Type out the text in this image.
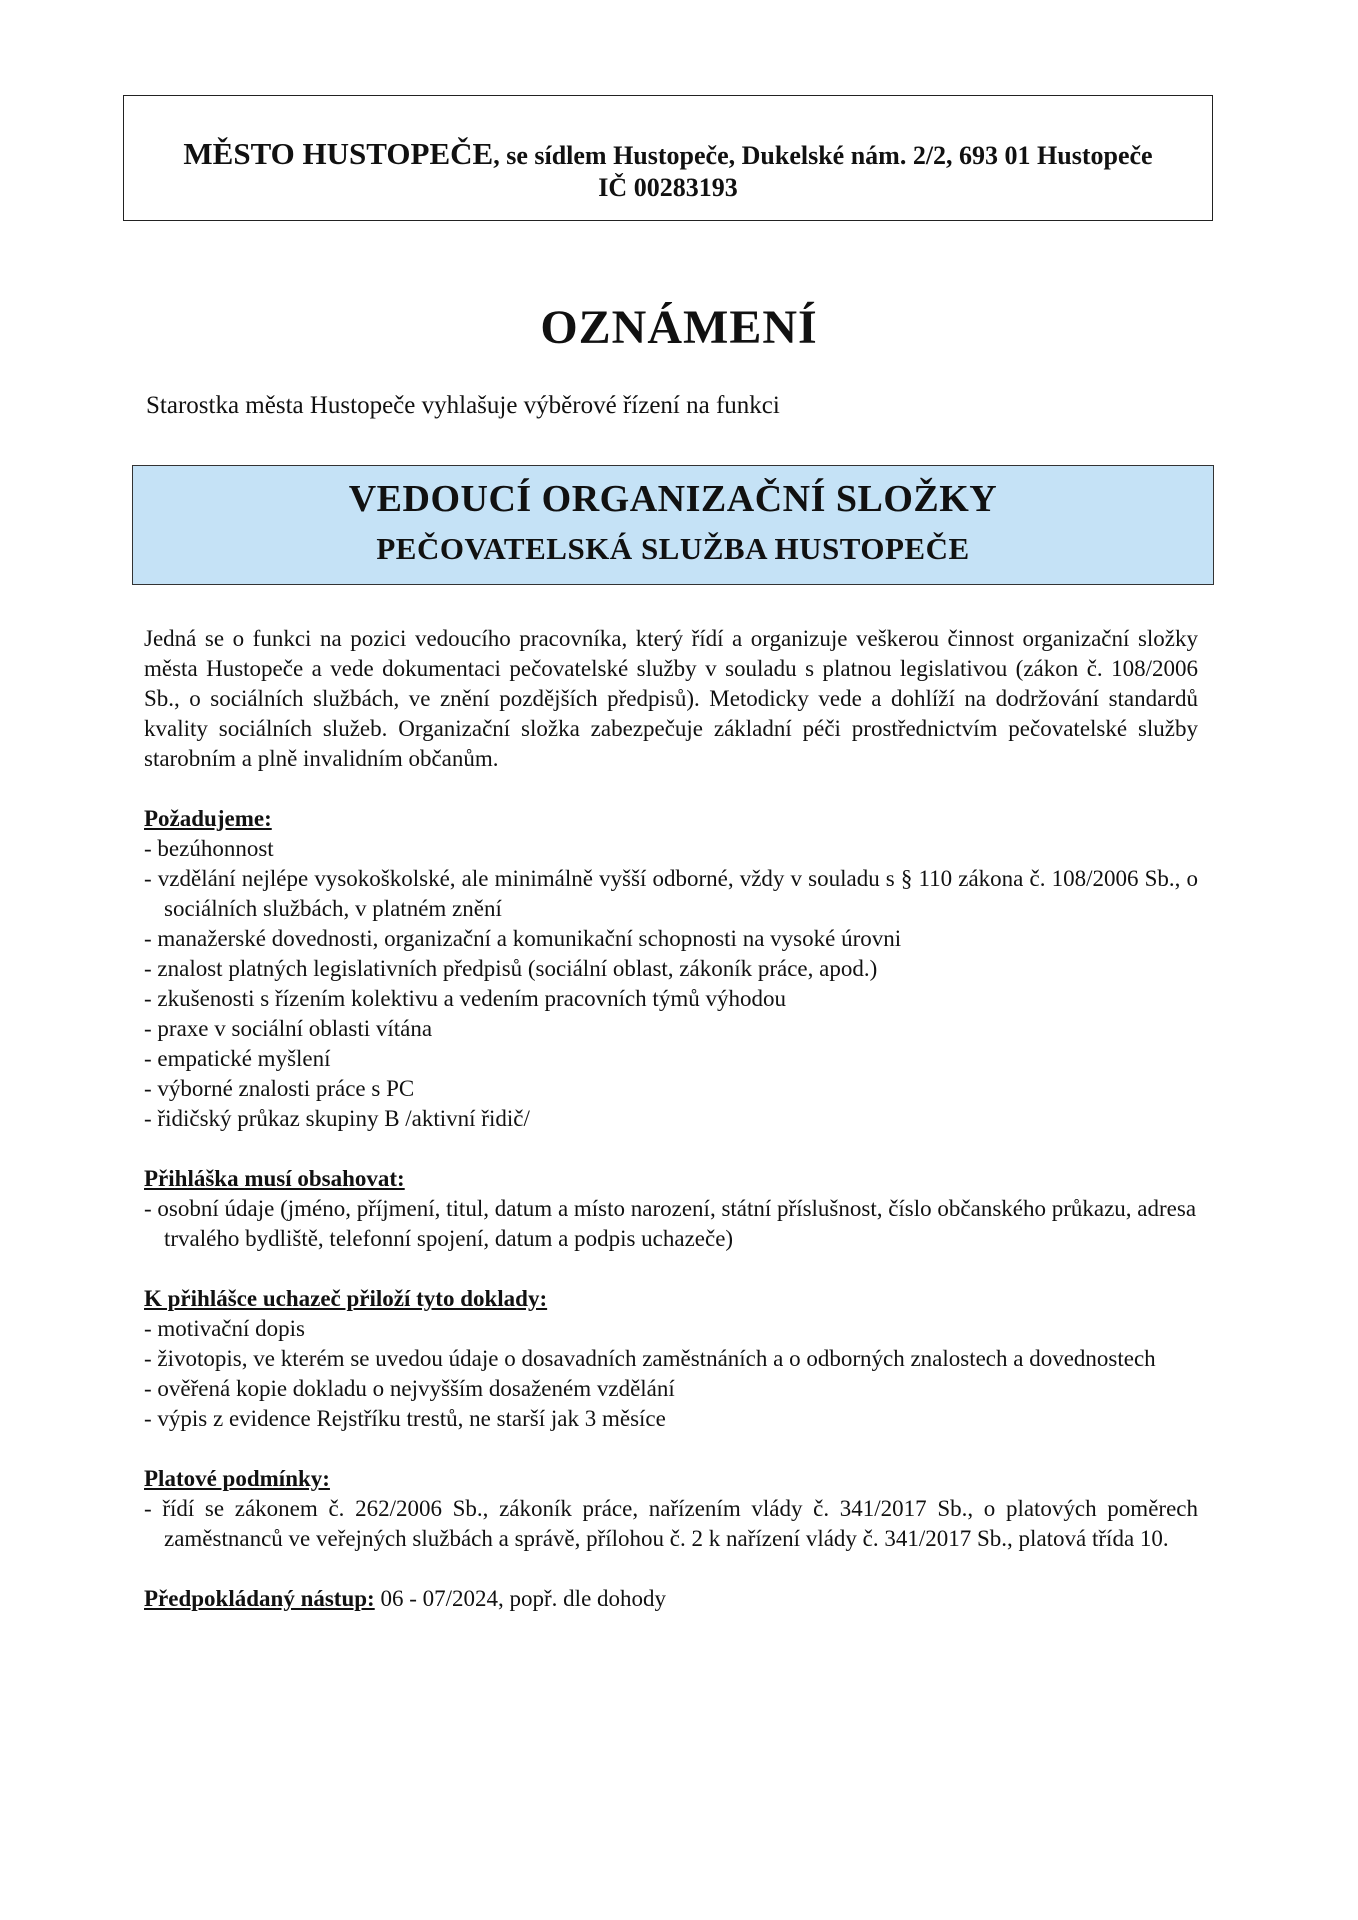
MĚSTO HUSTOPEČE, se sídlem Hustopeče, Dukelské nám. 2/2, 693 01 Hustopeče
IČ 00283193
OZNÁMENÍ
Starostka města Hustopeče vyhlašuje výběrové řízení na funkci
VEDOUCÍ ORGANIZAČNÍ SLOŽKY
PEČOVATELSKÁ SLUŽBA HUSTOPEČE

Jedná se o funkci na pozici vedoucího pracovníka, který řídí a organizuje veškerou činnost organizační složky města Hustopeče a vede dokumentaci pečovatelské služby v souladu s platnou legislativou (zákon č. 108/2006 Sb., o sociálních službách, ve znění pozdějších předpisů). Metodicky vede a dohlíží na dodržování standardů kvality sociálních služeb. Organizační složka zabezpečuje základní péči prostřednictvím pečovatelské služby starobním a plně invalidním občanům.

Požadujeme:
- bezúhonnost
- vzdělání nejlépe vysokoškolské, ale minimálně vyšší odborné, vždy v souladu s § 110 zákona č. 108/2006 Sb., o sociálních službách, v platném znění
- manažerské dovednosti, organizační a komunikační schopnosti na vysoké úrovni
- znalost platných legislativních předpisů (sociální oblast, zákoník práce, apod.)
- zkušenosti s řízením kolektivu a vedením pracovních týmů výhodou
- praxe v sociální oblasti vítána
- empatické myšlení
- výborné znalosti práce s PC
- řidičský průkaz skupiny B /aktivní řidič/
Přihláška musí obsahovat:
- osobní údaje (jméno, příjmení, titul, datum a místo narození, státní příslušnost, číslo občanského průkazu, adresa trvalého bydliště, telefonní spojení, datum a podpis uchazeče)
K přihlášce uchazeč přiloží tyto doklady:
- motivační dopis
- životopis, ve kterém se uvedou údaje o dosavadních zaměstnáních a o odborných znalostech a dovednostech
- ověřená kopie dokladu o nejvyšším dosaženém vzdělání
- výpis z evidence Rejstříku trestů, ne starší jak 3 měsíce
Platové podmínky:
- řídí se zákonem č. 262/2006 Sb., zákoník práce, nařízením vlády č. 341/2017 Sb., o platových poměrech zaměstnanců ve veřejných službách a správě, přílohou č. 2 k nařízení vlády č. 341/2017 Sb., platová třída 10.
Předpokládaný nástup: 06 - 07/2024, popř. dle dohody
